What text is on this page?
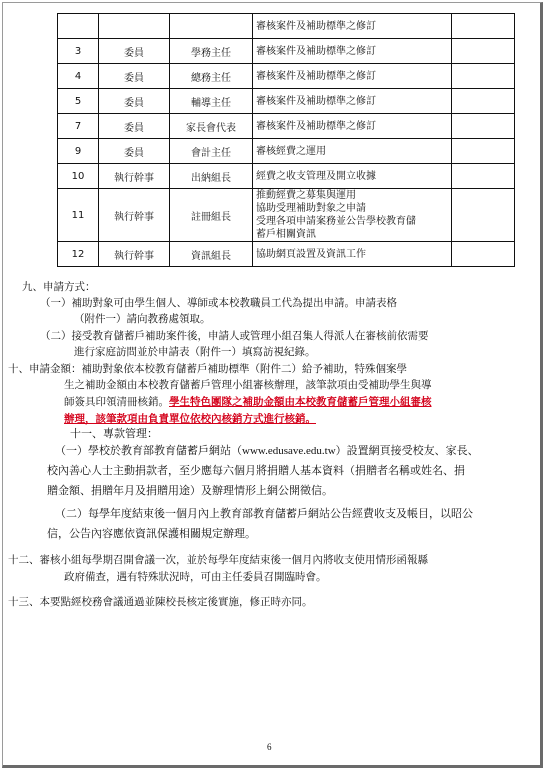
			審核案件及補助標準之修訂	
3	委員	學務主任	審核案件及補助標準之修訂	
4	委員	總務主任	審核案件及補助標準之修訂	
5	委員	輔導主任	審核案件及補助標準之修訂	
7	委員	家長會代表	審核案件及補助標準之修訂	
9	委員	會計主任	審核經費之運用	
10	執行幹事	出納組長	經費之收支管理及開立收據	
11	執行幹事	註冊組長	推動經費之募集與運用
協助受理補助對象之申請
受理各項申請案務並公告學校教育儲
蓄戶相關資訊	

12	執行幹事	資訊組長	協助網頁設置及資訊工作	
九、申請方式：
（一）補助對象可由學生個人、導師或本校教職員工代為提出申請。申請表格
（附件一）請向教務處領取。
（二）接受教育儲蓄戶補助案件後，申請人或管理小組召集人得派人在審核前依需要
進行家庭訪問並於申請表（附件一）填寫訪視紀錄。
十、申請金額：補助對象依本校教育儲蓄戶補助標準（附件二）給予補助，特殊個案學
生之補助金額由本校教育儲蓄戶管理小組審核辦理，該筆款項由受補助學生與導
師簽具印領清冊核銷。學生特色團隊之補助金額由本校教育儲蓄戶管理小組審核
辦理，該筆款項由負責單位依校內核銷方式進行核銷。
十一、專款管理：
（一）學校於教育部教育儲蓄戶網站（www.edusave.edu.tw）設置網頁接受校友、家長、
校內善心人士主動捐款者，至少應每六個月將捐贈人基本資料（捐贈者名稱或姓名、捐
贈金額、捐贈年月及捐贈用途）及辦理情形上網公開徵信。
（二）每學年度結束後一個月內上教育部教育儲蓄戶網站公告經費收支及帳目，以昭公
信，公告內容應依資訊保護相關規定辦理。
十二、審核小組每學期召開會議一次，並於每學年度結束後一個月內將收支使用情形函報縣
政府備查，遇有特殊狀況時，可由主任委員召開臨時會。
十三、本要點經校務會議通過並陳校長核定後實施，修正時亦同。
6
